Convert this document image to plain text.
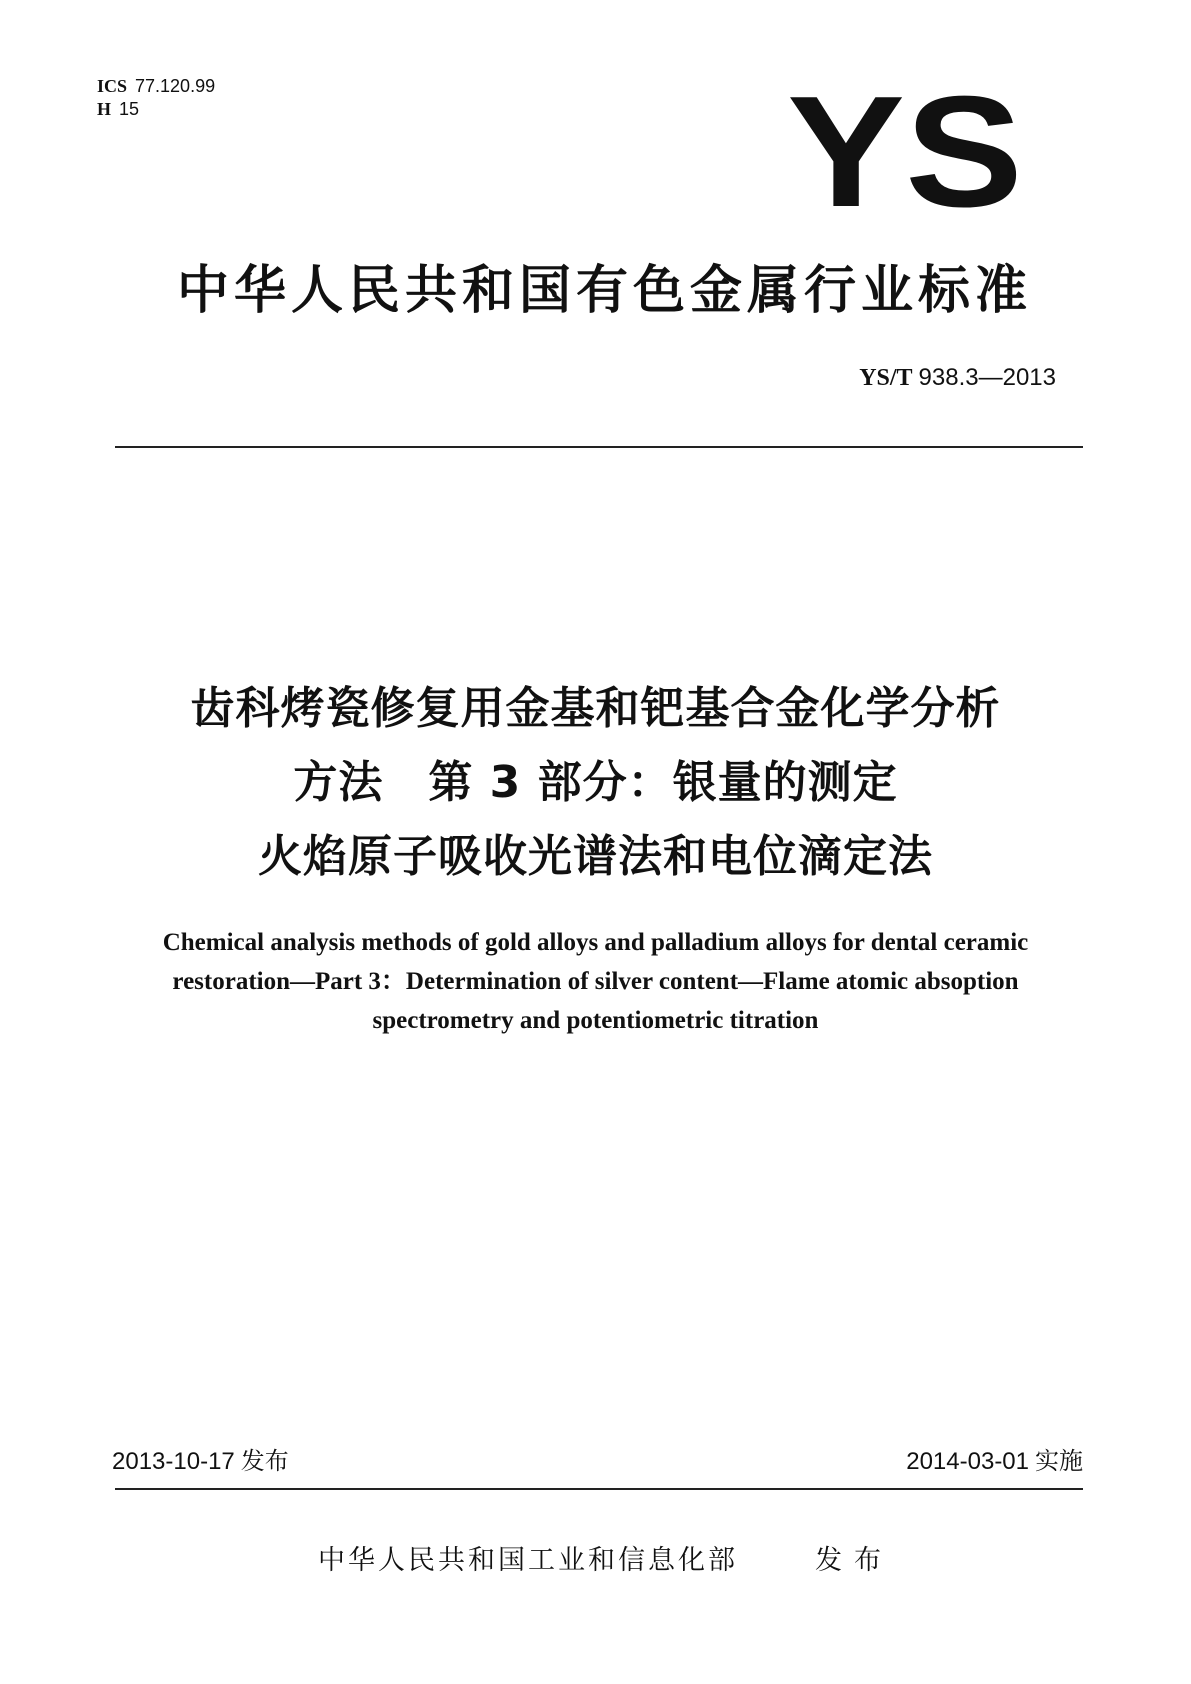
ICS 77.120.99
H 15	YS
中华人民共和国有色金属行业标准
YS/T 938.3—2013
齿科烤瓷修复用金基和钯基合金化学分析
方法　第 3 部分：银量的测定
火焰原子吸收光谱法和电位滴定法
Chemical analysis methods of gold alloys and palladium alloys for dental ceramic
restoration—Part 3：Determination of silver content—Flame atomic absoption
spectrometry and potentiometric titration
2013-10-17 发布	2014-03-01 实施
中华人民共和国工业和信息化部	发布
